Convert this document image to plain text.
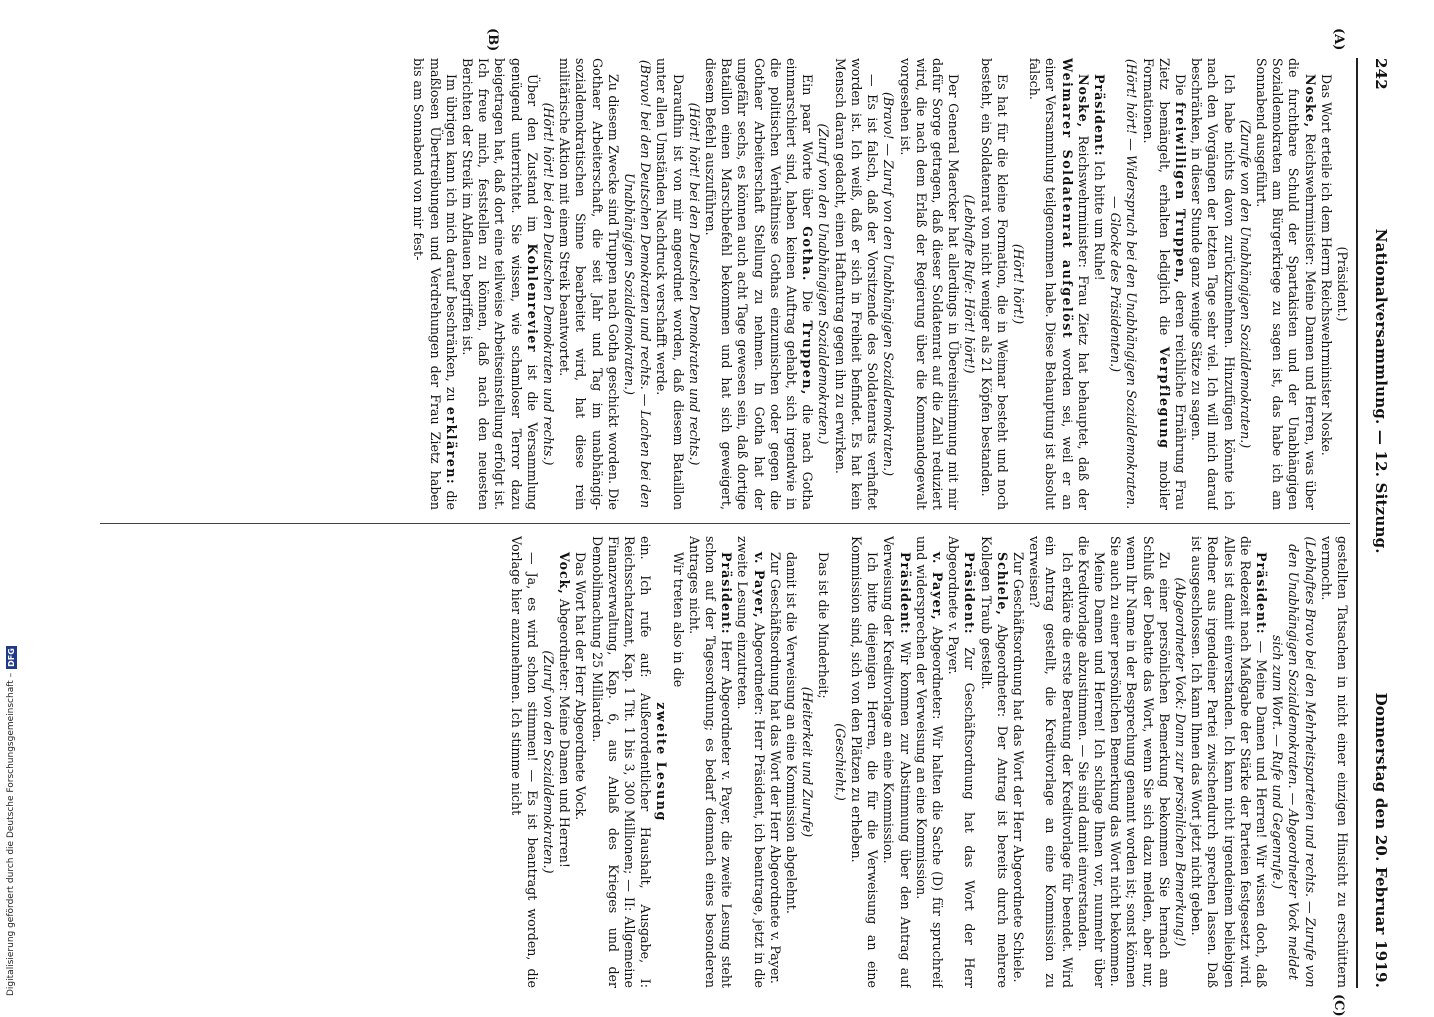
242
Nationalversammlung. — 12. Sitzung.
Donnerstag den 20. Februar 1919.
(A)
(B)
(C)

(Präsident.)

Das Wort erteile ich dem Herrn Reichswehrminister Noske.

Noske, Reichswehrminister: Meine Damen und Herren, was über die furchtbare Schuld der Spartakisten und der Unabhängigen Sozialdemokraten am Bürgerkriege zu sagen ist, das habe ich am Sonnabend ausgeführt.

(Zurufe von den Unabhängigen Sozialdemokraten.)

Ich habe nichts davon zurückzunehmen. Hinzufügen könnte ich nach den Vorgängen der letzten Tage sehr viel. Ich will mich darauf beschränken, in dieser Stunde ganz wenige Sätze zu sagen.

Die freiwilligen Truppen, deren reichliche Ernährung Frau Zietz bemängelt, erhalten lediglich die Verpflegung mobiler Formationen.

(Hört! hört! — Widerspruch bei den Unabhängigen Sozialdemokraten. — Glocke des Präsidenten.)

Präsident: Ich bitte um Ruhe!

Noske, Reichswehrminister: Frau Zietz hat behauptet, daß der Weimarer Soldatenrat aufgelöst worden sei, weil er an einer Versammlung teilgenommen habe. Diese Behauptung ist absolut falsch.

(Hört! hört!)

Es hat für die kleine Formation, die in Weimar besteht und noch besteht, ein Soldatenrat von nicht weniger als 21 Köpfen bestanden.

(Lebhafte Rufe: Hört! hört!)

Der General Maercker hat allerdings in Übereinstimmung mit mir dafür Sorge getragen, daß dieser Soldatenrat auf die Zahl reduziert wird, die nach dem Erlaß der Regierung über die Kommandogewalt vorgesehen ist.

(Bravo! — Zuruf von den Unabhängigen Sozialdemokraten.)

— Es ist falsch, daß der Vorsitzende des Soldatenrats verhaftet worden ist. Ich weiß, daß er sich in Freiheit befindet. Es hat kein Mensch daran gedacht, einen Haftantrag gegen ihn zu erwirken.

(Zuruf von den Unabhängigen Sozialdemokraten.)

Ein paar Worte über Gotha. Die Truppen, die nach Gotha einmarschiert sind, haben keinen Auftrag gehabt, sich irgendwie in die politischen Verhältnisse Gothas einzumischen oder gegen die Gothaer Arbeiterschaft Stellung zu nehmen. In Gotha hat der ungefähr sechs, es können auch acht Tage gewesen sein, daß dortige Bataillon einen Marschbefehl bekommen und hat sich geweigert, diesem Befehl auszuführen.

(Hört! hört! bei den Deutschen Demokraten und rechts.)

Daraufhin ist von mir angeordnet worden, daß diesem Bataillon unter allen Umständen Nachdruck verschafft werde.

(Bravo! bei den Deutschen Demokraten und rechts. — Lachen bei den Unabhängigen Sozialdemokraten.)

Zu diesem Zwecke sind Truppen nach Gotha geschickt worden. Die Gothaer Arbeiterschaft, die seit Jahr und Tag im unabhängig-sozialdemokratischen Sinne bearbeitet wird, hat diese rein militärische Aktion mit einem Streik beantwortet.

(Hört! hört! bei den Deutschen Demokraten und rechts.)

Über den Zustand im Kohlenrevier ist die Versammlung genügend unterrichtet. Sie wissen, wie schamloser Terror dazu beigetragen hat, daß dort eine teilweise Arbeitseinstellung erfolgt ist. Ich freue mich, feststellen zu können, daß nach den neuesten Berichten der Streik im Abflauen begriffen ist.

Im übrigen kann ich mich darauf beschränken, zu erklären: die maßlosen Übertreibungen und Verdrehungen der Frau Zietz haben bis am Sonnabend von mir fest-

gestellten Tatsachen in nicht einer einzigen Hinsicht zu erschüttern vermocht.

(Lebhaftes Bravo bei den Mehrheitsparteien und rechts. — Zurufe von den Unabhängigen Sozialdemokraten. — Abgeordneter Vock meldet sich zum Wort. — Rufe und Gegenrufe.)

Präsident: — Meine Damen und Herren! Wir wissen doch, daß die Redezeit nach Maßgabe der Stärke der Parteien festgesetzt wird. Alles ist damit einverstanden. Ich kann nicht irgendeinem beliebigen Redner aus irgendeiner Partei zwischendurch sprechen lassen. Daß ist ausgeschlossen. Ich kann Ihnen das Wort jetzt nicht geben.

(Abgeordneter Vock: Dann zur persönlichen Bemerkung!)

Zu einer persönlichen Bemerkung bekommen Sie hernach am Schluß der Debatte das Wort, wenn Sie sich dazu melden, aber nur, wenn Ihr Name in der Besprechung genannt worden ist; sonst können Sie auch zu einer persönlichen Bemerkung das Wort nicht bekommen.

Meine Damen und Herren! Ich schlage Ihnen vor, nunmehr über die Kreditvorlage abzustimmen. — Sie sind damit einverstanden.

Ich erkläre die erste Beratung der Kreditvorlage für beendet. Wird ein Antrag gestellt, die Kreditvorlage an eine Kommission zu verweisen?

Zur Geschäftsordnung hat das Wort der Herr Abgeordnete Schiele.

Schiele, Abgeordneter: Der Antrag ist bereits durch mehrere Kollegen Traub gestellt.

Präsident: Zur Geschäftsordnung hat das Wort der Herr Abgeordnete v. Payer.

v. Payer, Abgeordneter: Wir halten die Sache (D) für spruchreif und widersprechen der Verweisung an eine Kommission.

Präsident: Wir kommen zur Abstimmung über den Antrag auf Verweisung der Kreditvorlage an eine Kommission.

Ich bitte diejenigen Herren, die für die Verweisung an eine Kommission sind, sich von den Plätzen zu erheben.

(Geschieht.)

Das ist die Minderheit;

(Heiterkeit und Zurufe)

damit ist die Verweisung an eine Kommission abgelehnt.

Zur Geschäftsordnung hat das Wort der Herr Abgeordnete v. Payer.

v. Payer, Abgeordneter: Herr Präsident, ich beantrage, jetzt in die zweite Lesung einzutreten.

Präsident: Herr Abgeordneter v. Payer, die zweite Lesung steht schon auf der Tagesordnung; es bedarf demnach eines besonderen Antrages nicht.

Wir treten also in die

zweite Lesung

ein. Ich rufe auf: Außerordentlicher Haushalt, Ausgabe, I: Reichsschatzamt, Kap. 1 Tit. 1 bis 3, 300 Millionen; — II: Allgemeine Finanzverwaltung, Kap. 6, aus Anlaß des Krieges und der Demobilmachung 25 Milliarden.

Das Wort hat der Herr Abgeordnete Vock.

Vock, Abgeordneter: Meine Damen und Herren!

(Zuruf von den Sozialdemokraten.)

— Ja, es wird schon stimmen! — Es ist beantragt worden, die Vorlage hier anzunehmen. Ich stimme nicht

Digitalisierung gefördert durch die Deutsche Forschungsgemeinschaft –
DFG
